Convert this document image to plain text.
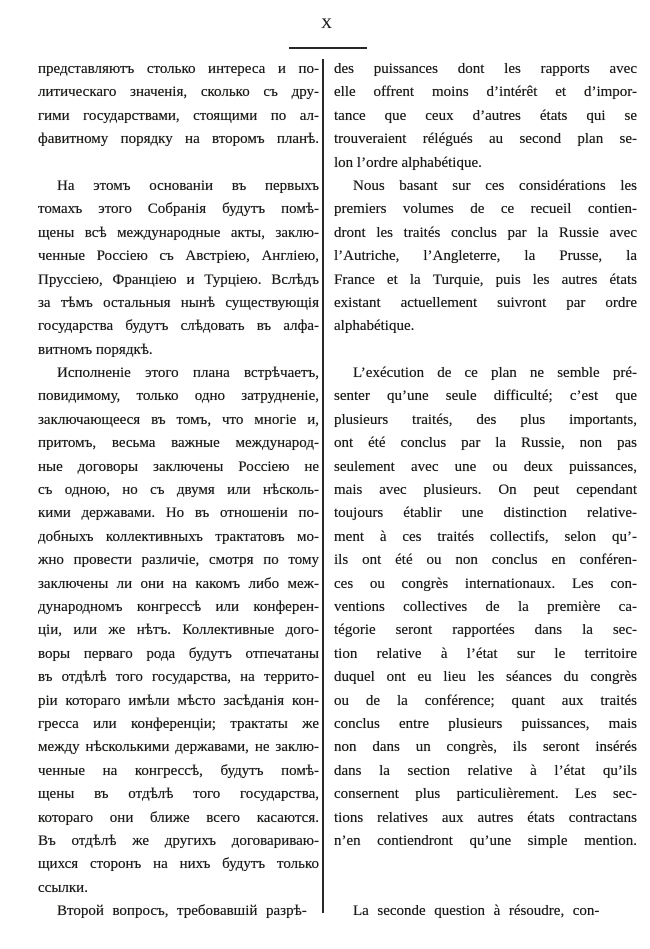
X
представляютъ столько интереса и по-
литическаго значенія, сколько съ дру-
гими государствами, стоящими по ал-
фавитному порядку на второмъ планѣ.
На этомъ основаніи въ первыхъ
томахъ этого Собранія будутъ помѣ-
щены всѣ международные акты, заклю-
ченные Россіею съ Австріею, Англіею,
Пруссіею, Франціею и Турціею. Вслѣдъ
за тѣмъ остальныя нынѣ существующія
государства будутъ слѣдовать въ алфа-
витномъ порядкѣ.
Исполненіе этого плана встрѣчаетъ,
повидимому, только одно затрудненіе,
заключающееся въ томъ, что многіе и,
притомъ, весьма важные международ-
ные договоры заключены Россіею не
съ одною, но съ двумя или нѣсколь-
кими державами. Но въ отношеніи по-
добныхъ коллективныхъ трактатовъ мо-
жно провести различіе, смотря по тому
заключены ли они на какомъ либо меж-
дународномъ конгрессѣ или конферен-
ціи, или же нѣтъ. Коллективные дого-
воры перваго рода будутъ отпечатаны
въ отдѣлѣ того государства, на террито-
ріи котораго имѣли мѣсто засѣданія кон-
гресса или конференціи; трактаты же
между нѣсколькими державами, не заклю-
ченные на конгрессѣ, будутъ помѣ-
щены въ отдѣлѣ того государства,
котораго они ближе всего касаются.
Въ отдѣлѣ же другихъ договариваю-
щихся сторонъ на нихъ будутъ только
ссылки.
Второй вопросъ, требовавшій разрѣ-
des puissances dont les rapports avec
elle offrent moins d’intérêt et d’impor-
tance que ceux d’autres états qui se
trouveraient rélégués au second plan se-
lon l’ordre alphabétique.
Nous basant sur ces considérations les
premiers volumes de ce recueil contien-
dront les traités conclus par la Russie avec
l’Autriche, l’Angleterre, la Prusse, la
France et la Turquie, puis les autres états
existant actuellement suivront par ordre
alphabétique.
L’exécution de ce plan ne semble pré-
senter qu’une seule difficulté; c’est que
plusieurs traités, des plus importants,
ont été conclus par la Russie, non pas
seulement avec une ou deux puissances,
mais avec plusieurs. On peut cependant
toujours établir une distinction relative-
ment à ces traités collectifs, selon qu’-
ils ont été ou non conclus en conféren-
ces ou congrès internationaux. Les con-
ventions collectives de la première ca-
tégorie seront rapportées dans la sec-
tion relative à l’état sur le territoire
duquel ont eu lieu les séances du congrès
ou de la conférence; quant aux traités
conclus entre plusieurs puissances, mais
non dans un congrès, ils seront insérés
dans la section relative à l’état qu’ils
consernent plus particulièrement. Les sec-
tions relatives aux autres états contractans
n’en contiendront qu’une simple mention.
La seconde question à résoudre, con-
